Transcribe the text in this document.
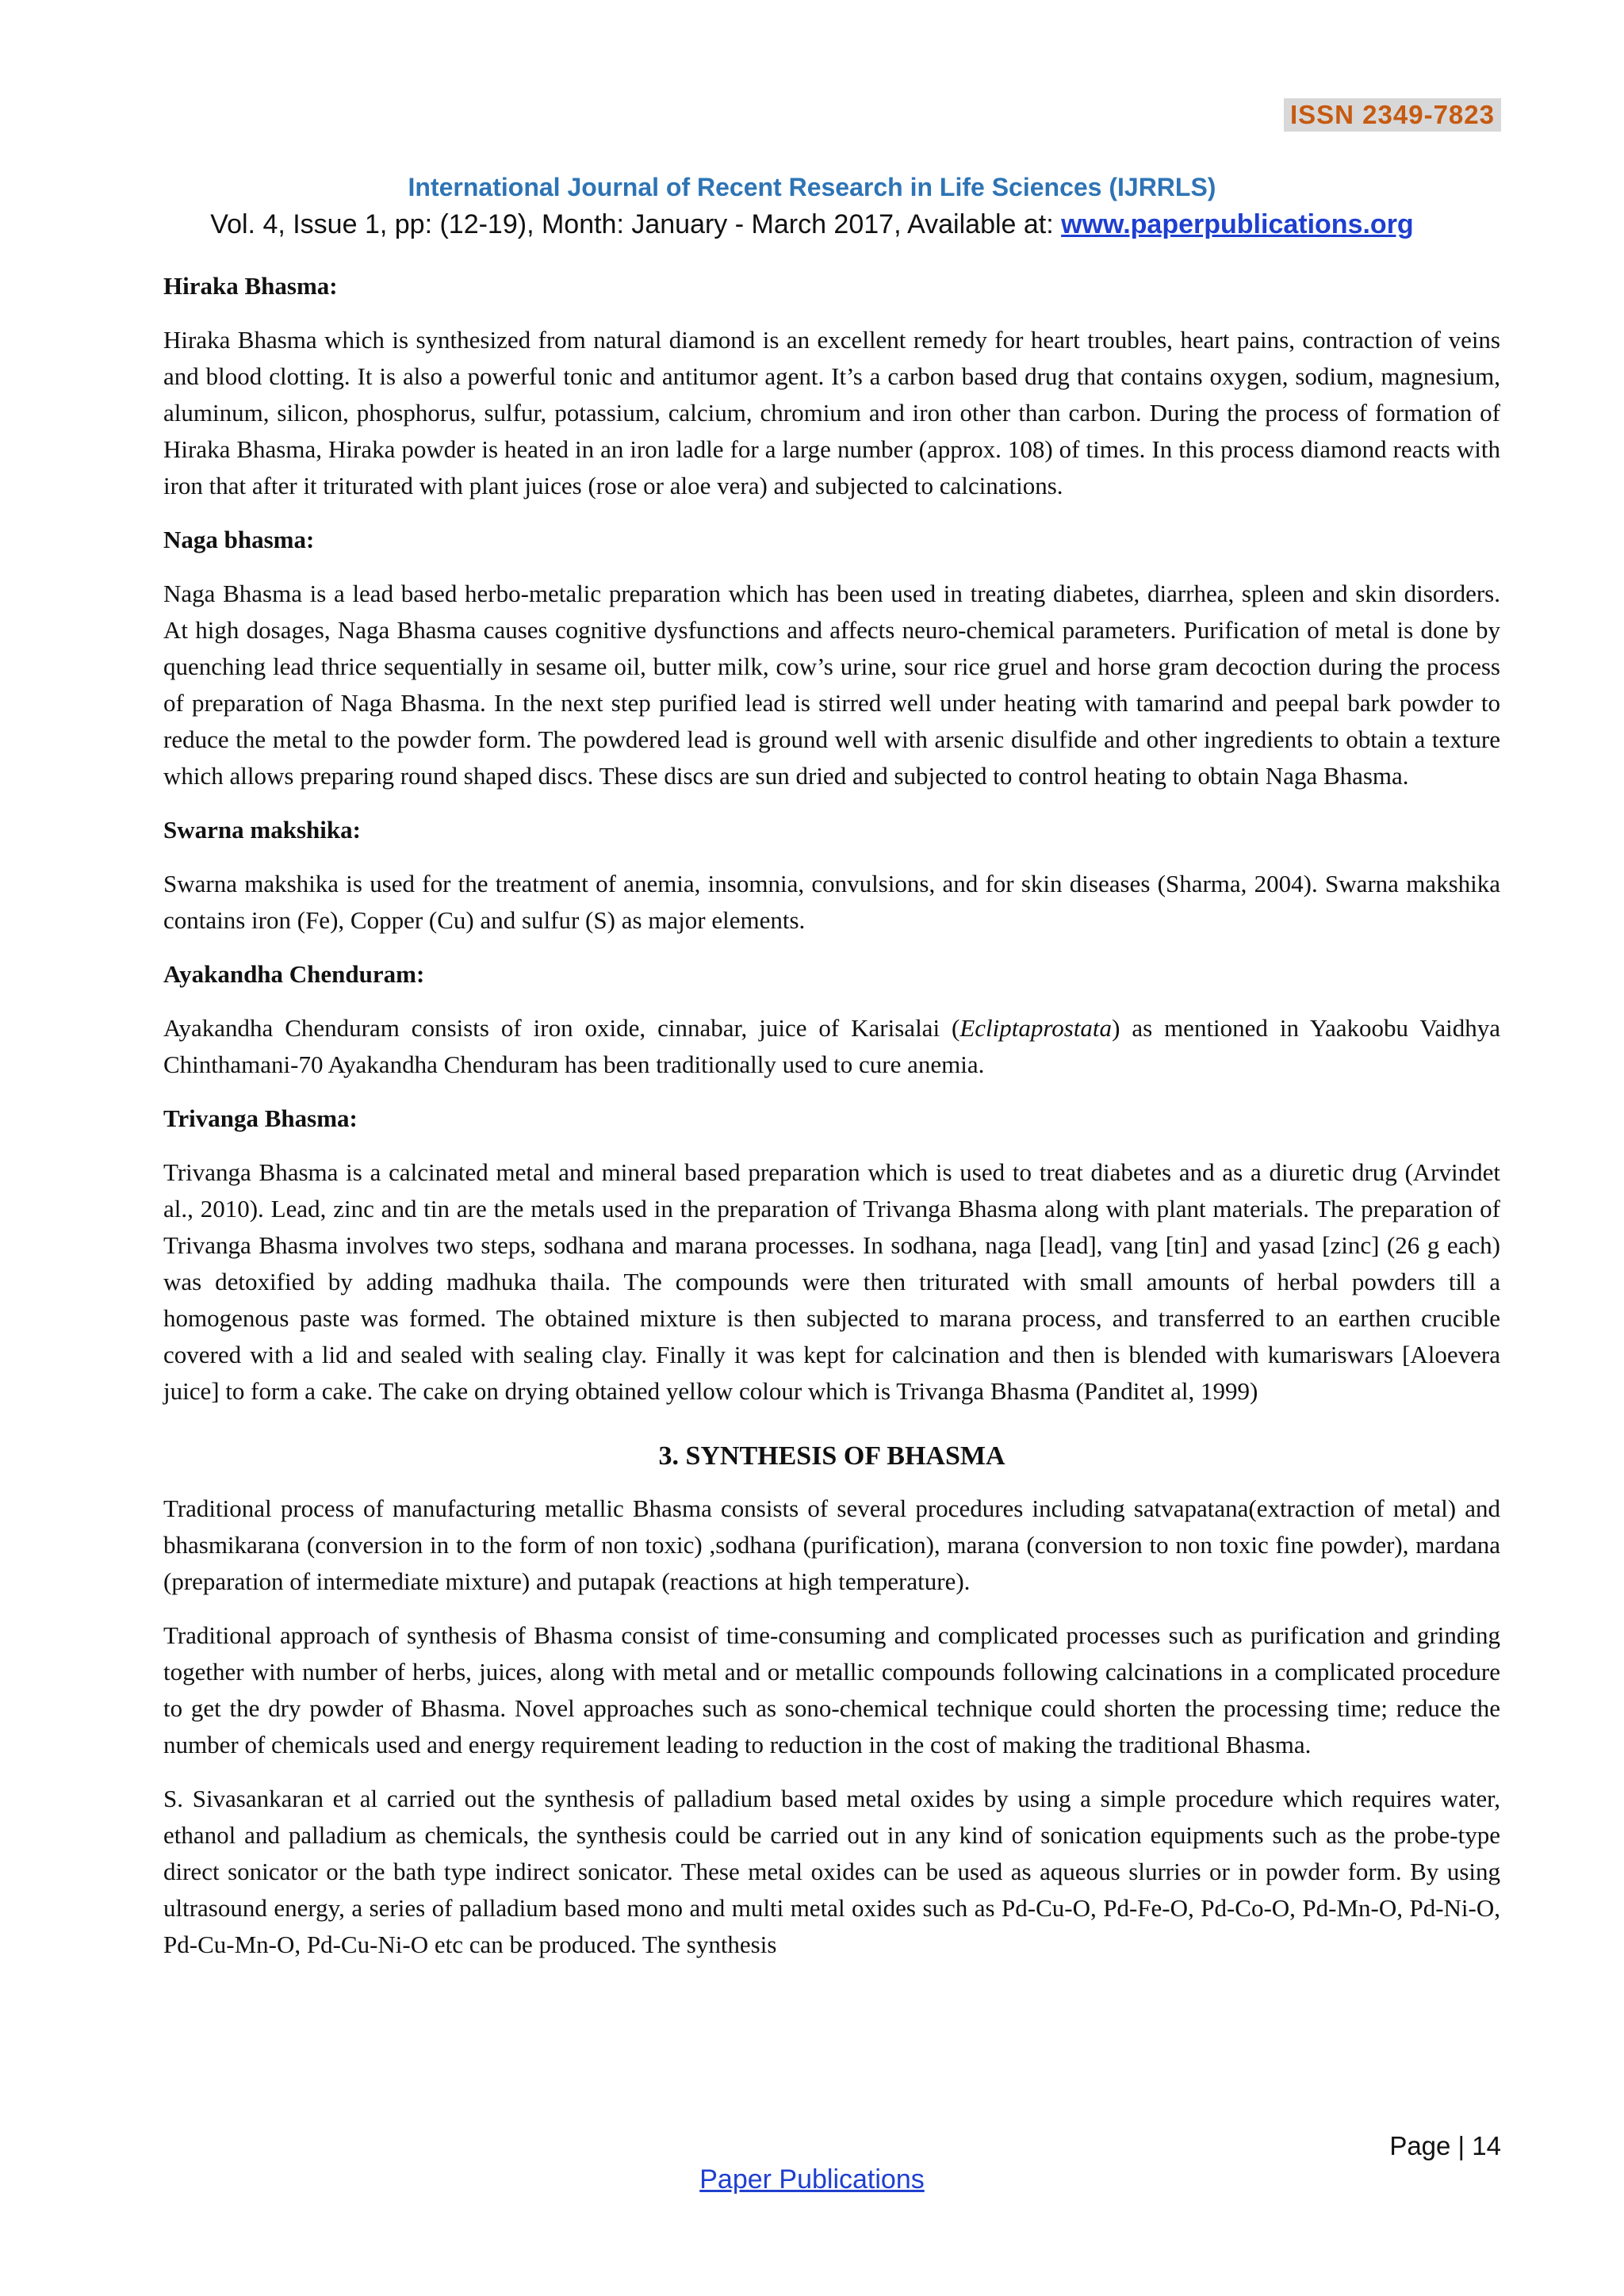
ISSN 2349-7823
International Journal of Recent Research in Life Sciences (IJRRLS)
Vol. 4, Issue 1, pp: (12-19), Month: January - March 2017, Available at: www.paperpublications.org
Hiraka Bhasma:

Hiraka Bhasma which is synthesized from natural diamond is an excellent remedy for heart troubles, heart pains, contraction of veins and blood clotting. It is also a powerful tonic and antitumor agent. It’s a carbon based drug that contains oxygen, sodium, magnesium, aluminum, silicon, phosphorus, sulfur, potassium, calcium, chromium and iron other than carbon. During the process of formation of Hiraka Bhasma, Hiraka powder is heated in an iron ladle for a large number (approx. 108) of times. In this process diamond reacts with iron that after it triturated with plant juices (rose or aloe vera) and subjected to calcinations.

Naga bhasma:

Naga Bhasma is a lead based herbo-metalic preparation which has been used in treating diabetes, diarrhea, spleen and skin disorders. At high dosages, Naga Bhasma causes cognitive dysfunctions and affects neuro-chemical parameters. Purification of metal is done by quenching lead thrice sequentially in sesame oil, butter milk, cow’s urine, sour rice gruel and horse gram decoction during the process of preparation of Naga Bhasma. In the next step purified lead is stirred well under heating with tamarind and peepal bark powder to reduce the metal to the powder form. The powdered lead is ground well with arsenic disulfide and other ingredients to obtain a texture which allows preparing round shaped discs. These discs are sun dried and subjected to control heating to obtain Naga Bhasma.

Swarna makshika:

Swarna makshika is used for the treatment of anemia, insomnia, convulsions, and for skin diseases (Sharma, 2004). Swarna makshika contains iron (Fe), Copper (Cu) and sulfur (S) as major elements.

Ayakandha Chenduram:

Ayakandha Chenduram consists of iron oxide, cinnabar, juice of Karisalai (Ecliptaprostata) as mentioned in Yaakoobu Vaidhya Chinthamani-70 Ayakandha Chenduram has been traditionally used to cure anemia.

Trivanga Bhasma:

Trivanga Bhasma is a calcinated metal and mineral based preparation which is used to treat diabetes and as a diuretic drug (Arvindet al., 2010). Lead, zinc and tin are the metals used in the preparation of Trivanga Bhasma along with plant materials. The preparation of Trivanga Bhasma involves two steps, sodhana and marana processes. In sodhana, naga [lead], vang [tin] and yasad [zinc] (26 g each) was detoxified by adding madhuka thaila. The compounds were then triturated with small amounts of herbal powders till a homogenous paste was formed. The obtained mixture is then subjected to marana process, and transferred to an earthen crucible covered with a lid and sealed with sealing clay. Finally it was kept for calcination and then is blended with kumariswars [Aloevera juice] to form a cake. The cake on drying obtained yellow colour which is Trivanga Bhasma (Panditet al, 1999)

3. SYNTHESIS OF BHASMA

Traditional process of manufacturing metallic Bhasma consists of several procedures including satvapatana(extraction of metal) and bhasmikarana (conversion in to the form of non toxic) ,sodhana (purification), marana (conversion to non toxic fine powder), mardana (preparation of intermediate mixture) and putapak (reactions at high temperature).

Traditional approach of synthesis of Bhasma consist of time-consuming and complicated processes such as purification and grinding together with number of herbs, juices, along with metal and or metallic compounds following calcinations in a complicated procedure to get the dry powder of Bhasma. Novel approaches such as sono-chemical technique could shorten the processing time; reduce the number of chemicals used and energy requirement leading to reduction in the cost of making the traditional Bhasma.

S. Sivasankaran et al carried out the synthesis of palladium based metal oxides by using a simple procedure which requires water, ethanol and palladium as chemicals, the synthesis could be carried out in any kind of sonication equipments such as the probe-type direct sonicator or the bath type indirect sonicator. These metal oxides can be used as aqueous slurries or in powder form. By using ultrasound energy, a series of palladium based mono and multi metal oxides such as Pd-Cu-O, Pd-Fe-O, Pd-Co-O, Pd-Mn-O, Pd-Ni-O, Pd-Cu-Mn-O, Pd-Cu-Ni-O etc can be produced. The synthesis

Page | 14
Paper Publications
